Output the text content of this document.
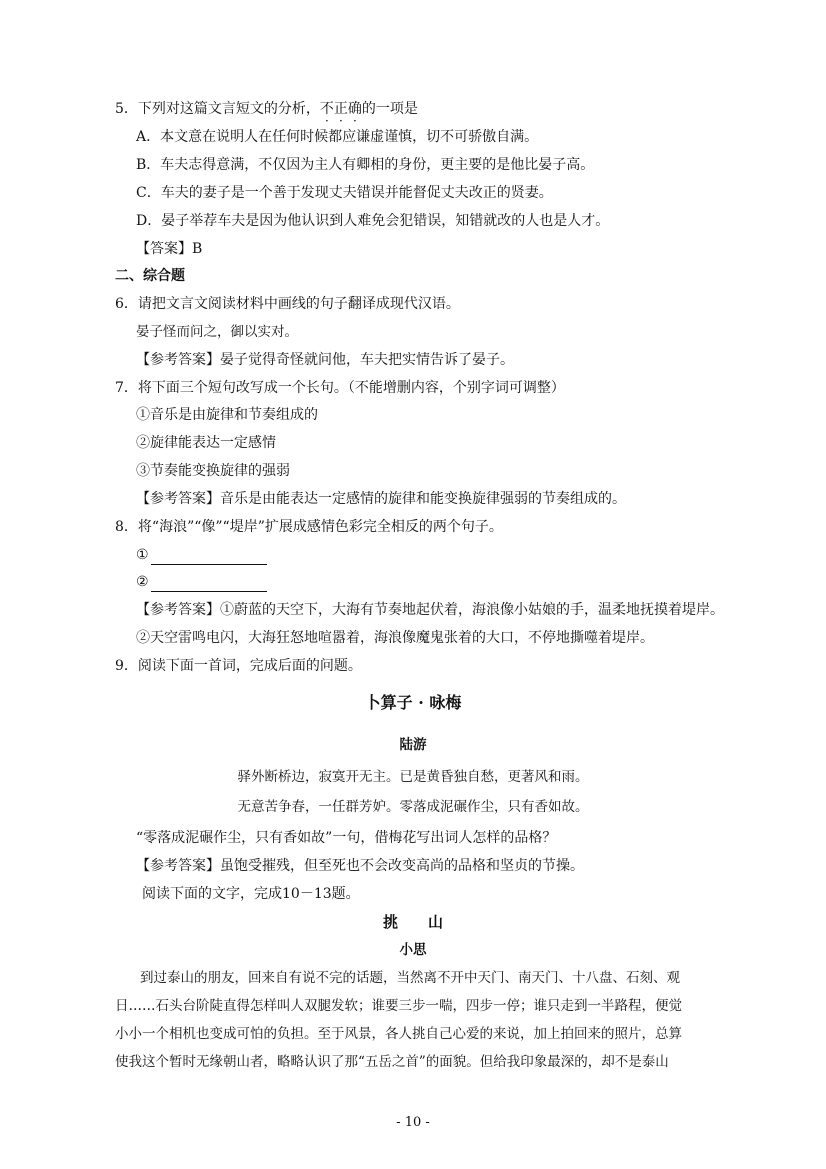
5．下列对这篇文言短文的分析，不正确的一项是
A．本文意在说明人在任何时候都应谦虚谨慎，切不可骄傲自满。
B．车夫志得意满，不仅因为主人有卿相的身份，更主要的是他比晏子高。
C．车夫的妻子是一个善于发现丈夫错误并能督促丈夫改正的贤妻。
D．晏子举荐车夫是因为他认识到人难免会犯错误，知错就改的人也是人才。
【答案】B
二、综合题
6．请把文言文阅读材料中画线的句子翻译成现代汉语。
晏子怪而问之，御以实对。
【参考答案】晏子觉得奇怪就问他，车夫把实情告诉了晏子。
7．将下面三个短句改写成一个长句。（不能增删内容，个别字词可调整）
①音乐是由旋律和节奏组成的
②旋律能表达一定感情
③节奏能变换旋律的强弱
【参考答案】音乐是由能表达一定感情的旋律和能变换旋律强弱的节奏组成的。
8．将“海浪”“像”“堤岸”扩展成感情色彩完全相反的两个句子。
①
②
【参考答案】①蔚蓝的天空下，大海有节奏地起伏着，海浪像小姑娘的手，温柔地抚摸着堤岸。
②天空雷鸣电闪，大海狂怒地喧嚣着，海浪像魔鬼张着的大口，不停地撕噬着堤岸。
9．阅读下面一首词，完成后面的问题。
卜算子 · 咏梅
陆游
驿外断桥边，寂寞开无主。已是黄昏独自愁，更著风和雨。
无意苦争春，一任群芳妒。零落成泥碾作尘，只有香如故。
“零落成泥碾作尘，只有香如故”一句，借梅花写出词人怎样的品格？
【参考答案】虽饱受摧残，但至死也不会改变高尚的品格和坚贞的节操。
阅读下面的文字，完成10－13题。
挑　　山
小思
到过泰山的朋友，回来自有说不完的话题，当然离不开中天门、南天门、十八盘、石刻、观
日……石头台阶陡直得怎样叫人双腿发软；谁要三步一喘，四步一停；谁只走到一半路程，便觉
小小一个相机也变成可怕的负担。至于风景，各人挑自己心爱的来说，加上拍回来的照片，总算
使我这个暂时无缘朝山者，略略认识了那“五岳之首”的面貌。但给我印象最深的，却不是泰山
- 10 -
